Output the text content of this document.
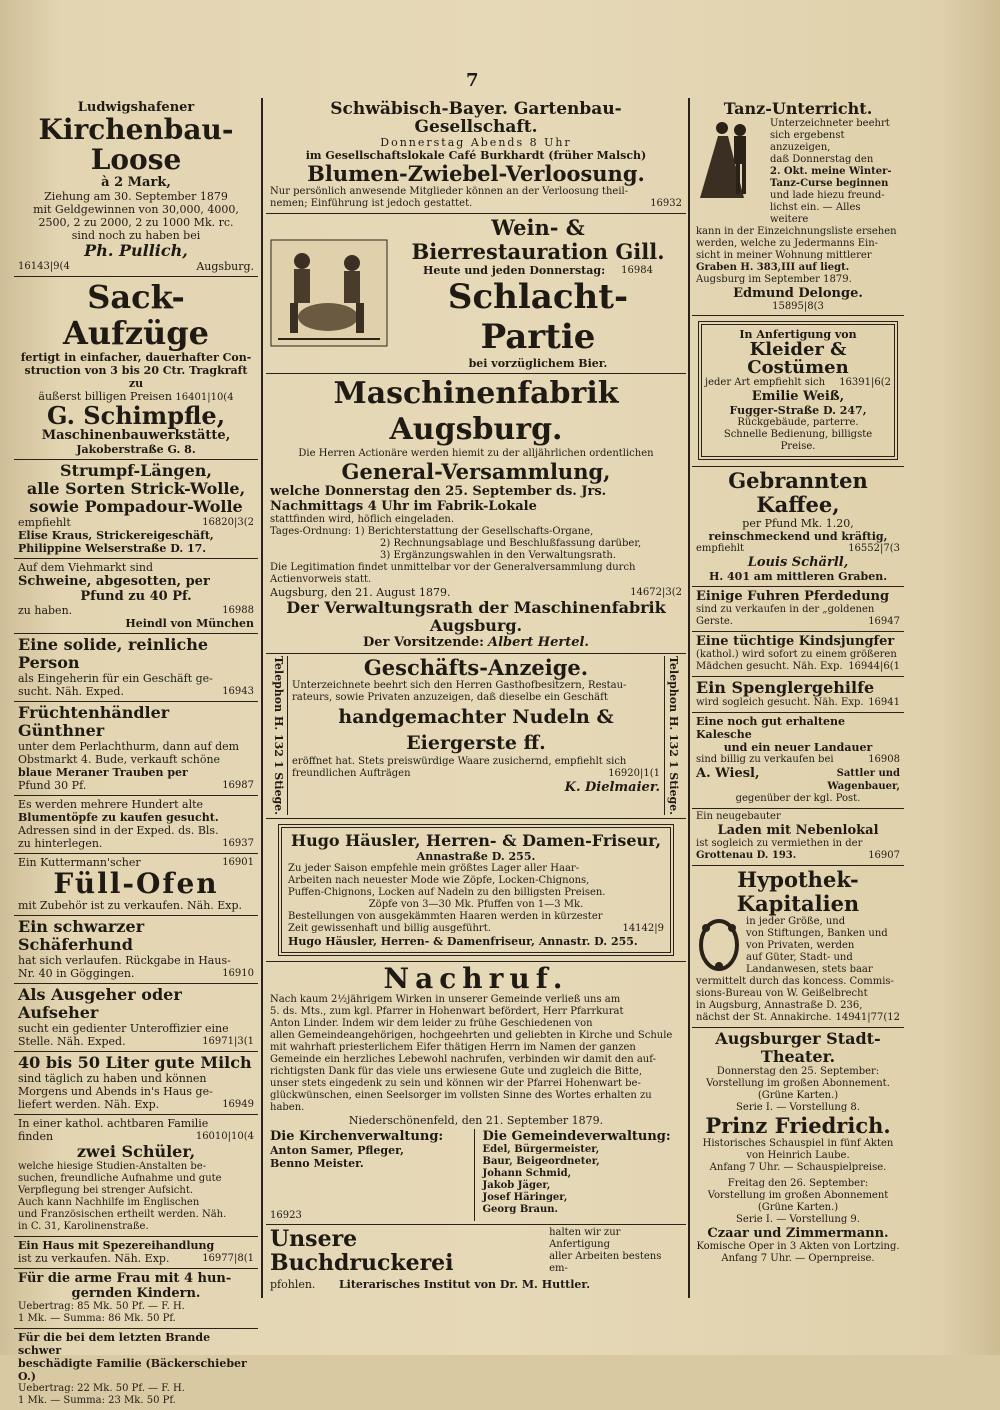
7
Ludwigshafener
Kirchenbau-Loose
à 2 Mark,
Ziehung am 30. September 1879
mit Geldgewinnen von 30,000, 4000,
2500, 2 zu 2000, 2 zu 1000 Mk. rc.
sind noch zu haben bei
Ph. Pullich,
16143|9(4	Augsburg.
Sack-Aufzüge
fertigt in einfacher, dauerhafter Con-
struction von 3 bis 20 Ctr. Tragkraft zu
äußerst billigen Preisen 16401|10(4
G. Schimpfle,
Maschinenbauwerkstätte,
Jakoberstraße G. 8.
Strumpf-Längen,
alle Sorten Strick-Wolle,
sowie Pompadour-Wolle
empfiehlt	16820|3(2
Elise Kraus, Strickereigeschäft,
Philippine Welserstraße D. 17.
Auf dem Viehmarkt sind
Schweine, abgesotten, per
Pfund zu 40 Pf.
zu haben.	16988
Heindl von München
Eine solide, reinliche Person
als Eingeherin für ein Geschäft ge-
sucht. Näh. Exped.	16943
Früchtenhändler Günthner
unter dem Perlachthurm, dann auf dem
Obstmarkt 4. Bude, verkauft schöne
blaue Meraner Trauben per
Pfund 30 Pf.	16987
Es werden mehrere Hundert alte
Blumentöpfe zu kaufen gesucht.
Adressen sind in der Exped. ds. Bls.
zu hinterlegen.	16937
Ein Kuttermann'scher	16901
Füll-Ofen
mit Zubehör ist zu verkaufen. Näh. Exp.
Ein schwarzer Schäferhund
hat sich verlaufen. Rückgabe in Haus-
Nr. 40 in Göggingen.	16910
Als Ausgeher oder Aufseher
sucht ein gedienter Unteroffizier eine
Stelle. Näh. Exped.	16971|3(1
40 bis 50 Liter gute Milch
sind täglich zu haben und können
Morgens und Abends in's Haus ge-
liefert werden. Näh. Exp.	16949
In einer kathol. achtbaren Familie
finden	16010|10(4
zwei Schüler,
welche hiesige Studien-Anstalten be-
suchen, freundliche Aufnahme und gute
Verpflegung bei strenger Aufsicht.
Auch kann Nachhilfe im Englischen
und Französischen ertheilt werden. Näh.
in C. 31, Karolinenstraße.
Ein Haus mit Spezereihandlung
ist zu verkaufen. Näh. Exp.	16977|8(1
Für die arme Frau mit 4 hun-
gernden Kindern.
Uebertrag: 85 Mk. 50 Pf. — F. H.
1 Mk. — Summa: 86 Mk. 50 Pf.
Für die bei dem letzten Brande schwer
beschädigte Familie (Bäckerschieber O.)
Uebertrag: 22 Mk. 50 Pf. — F. H.
1 Mk. — Summa: 23 Mk. 50 Pf.
Schwäbisch-Bayer. Gartenbau-Gesellschaft.
Donnerstag Abends 8 Uhr
im Gesellschaftslokale Café Burkhardt (früher Malsch)
Blumen-Zwiebel-Verloosung.
Nur persönlich anwesende Mitglieder können an der Verloosung theil-
nemen; Einführung ist jedoch gestattet.	16932
Wein- & Bierrestauration Gill.
Heute und jeden Donnerstag: 16984
Schlacht-Partie
bei vorzüglichem Bier.
Maschinenfabrik Augsburg.
Die Herren Actionäre werden hiemit zu der alljährlichen ordentlichen
General-Versammlung,
welche Donnerstag den 25. September ds. Jrs.
Nachmittags 4 Uhr im Fabrik-Lokale
stattfinden wird, höflich eingeladen.
Tages-Ordnung: 1) Berichterstattung der Gesellschafts-Organe,
2) Rechnungsablage und Beschlußfassung darüber,
3) Ergänzungswahlen in den Verwaltungsrath.
Die Legitimation findet unmittelbar vor der Generalversammlung durch
Actienvorweis statt.
Augsburg, den 21. August 1879.	14672|3(2
Der Verwaltungsrath der Maschinenfabrik Augsburg.
Der Vorsitzende: Albert Hertel.
Telephon H. 132 1 Stiege.	Geschäfts-Anzeige.
Unterzeichnete beehrt sich den Herren Gasthofbesitzern, Restau-
rateurs, sowie Privaten anzuzeigen, daß dieselbe ein Geschäft
handgemachter Nudeln & Eiergerste ff.
eröffnet hat. Stets preiswürdige Waare zusichernd, empfiehlt sich
freundlichen Aufträgen	16920|1(1
K. Dielmaier. Telephon H. 132 1 Stiege.
Hugo Häusler, Herren- & Damen-Friseur,
Annastraße D. 255.
Zu jeder Saison empfehle mein größtes Lager aller Haar-
Arbeiten nach neuester Mode wie Zöpfe, Locken-Chignons,
Puffen-Chignons, Locken auf Nadeln zu den billigsten Preisen.
Zöpfe von 3—30 Mk. Pfuffen von 1—3 Mk.
Bestellungen von ausgekämmten Haaren werden in kürzester
Zeit gewissenhaft und billig ausgeführt.	14142|9
Hugo Häusler, Herren- & Damenfriseur, Annastr. D. 255.
Nachruf.
Nach kaum 2½jährigem Wirken in unserer Gemeinde verließ uns am
5. ds. Mts., zum kgl. Pfarrer in Hohenwart befördert, Herr Pfarrkurat
Anton Linder. Indem wir dem leider zu frühe Geschiedenen von
allen Gemeindeangehörigen, hochgeehrten und geliebten in Kirche und Schule
mit wahrhaft priesterlichem Eifer thätigen Herrn im Namen der ganzen
Gemeinde ein herzliches Lebewohl nachrufen, verbinden wir damit den auf-
richtigsten Dank für das viele uns erwiesene Gute und zugleich die Bitte,
unser stets eingedenk zu sein und können wir der Pfarrei Hohenwart be-
glückwünschen, einen Seelsorger im vollsten Sinne des Wortes erhalten zu
haben.
Niederschönenfeld, den 21. September 1879.
Die Kirchenverwaltung:
Anton Samer, Pfleger,
Benno Meister.
16923
Die Gemeindeverwaltung:
Edel, Bürgermeister,
Baur, Beigeordneter,
Johann Schmid,
Jakob Jäger,
Josef Häringer,
Georg Braun.
Unsere Buchdruckerei
halten wir zur Anfertigung
aller Arbeiten bestens em-
pfohlen. Literarisches Institut von Dr. M. Huttler.
Tanz-Unterricht.
Unterzeichneter beehrt
sich ergebenst anzuzeigen,
daß Donnerstag den
2. Okt. meine Winter-
Tanz-Curse beginnen
und lade hiezu freund-
lichst ein. — Alles weitere
kann in der Einzeichnungsliste ersehen
werden, welche zu Jedermanns Ein-
sicht in meiner Wohnung mittlerer
Graben H. 383,III auf liegt.
Augsburg im September 1879.
Edmund Delonge.
15895|8(3
In Anfertigung von
Kleider & Costümen
jeder Art empfiehlt sich 16391|6(2
Emilie Weiß,
Fugger-Straße D. 247,
Rückgebäude, parterre.
Schnelle Bedienung, billigste Preise.
Gebrannten Kaffee,
per Pfund Mk. 1.20,
reinschmeckend und kräftig,
empfiehlt	16552|7(3
Louis Schärll,
H. 401 am mittleren Graben.
Einige Fuhren Pferdedung
sind zu verkaufen in der „goldenen
Gerste.	16947
Eine tüchtige Kindsjungfer
(kathol.) wird sofort zu einem größeren
Mädchen gesucht. Näh. Exp. 16944|6(1
Ein Spenglergehilfe
wird sogleich gesucht. Näh. Exp. 16941
Eine noch gut erhaltene Kalesche
und ein neuer Landauer
sind billig zu verkaufen bei	16908
A. Wiesl,	Sattler und
Wagenbauer,
gegenüber der kgl. Post.
Ein neugebauter
Laden mit Nebenlokal
ist sogleich zu vermiethen in der
Grottenau D. 193.	16907
Hypothek-Kapitalien
in jeder Größe, und
von Stiftungen, Banken und
von Privaten, werden
auf Güter, Stadt- und
Landanwesen, stets baar
vermittelt durch das koncess. Commis-
sions-Bureau von W. Geißelbrecht
in Augsburg, Annastraße D. 236,
nächst der St. Annakirche. 14941|77(12
Augsburger Stadt-Theater.
Donnerstag den 25. September:
Vorstellung im großen Abonnement.
(Grüne Karten.)
Serie I. — Vorstellung 8.
Prinz Friedrich.
Historisches Schauspiel in fünf Akten
von Heinrich Laube.
Anfang 7 Uhr. — Schauspielpreise.
Freitag den 26. September:
Vorstellung im großen Abonnement
(Grüne Karten.)
Serie I. — Vorstellung 9.
Czaar und Zimmermann.
Komische Oper in 3 Akten von Lortzing.
Anfang 7 Uhr. — Opernpreise.
